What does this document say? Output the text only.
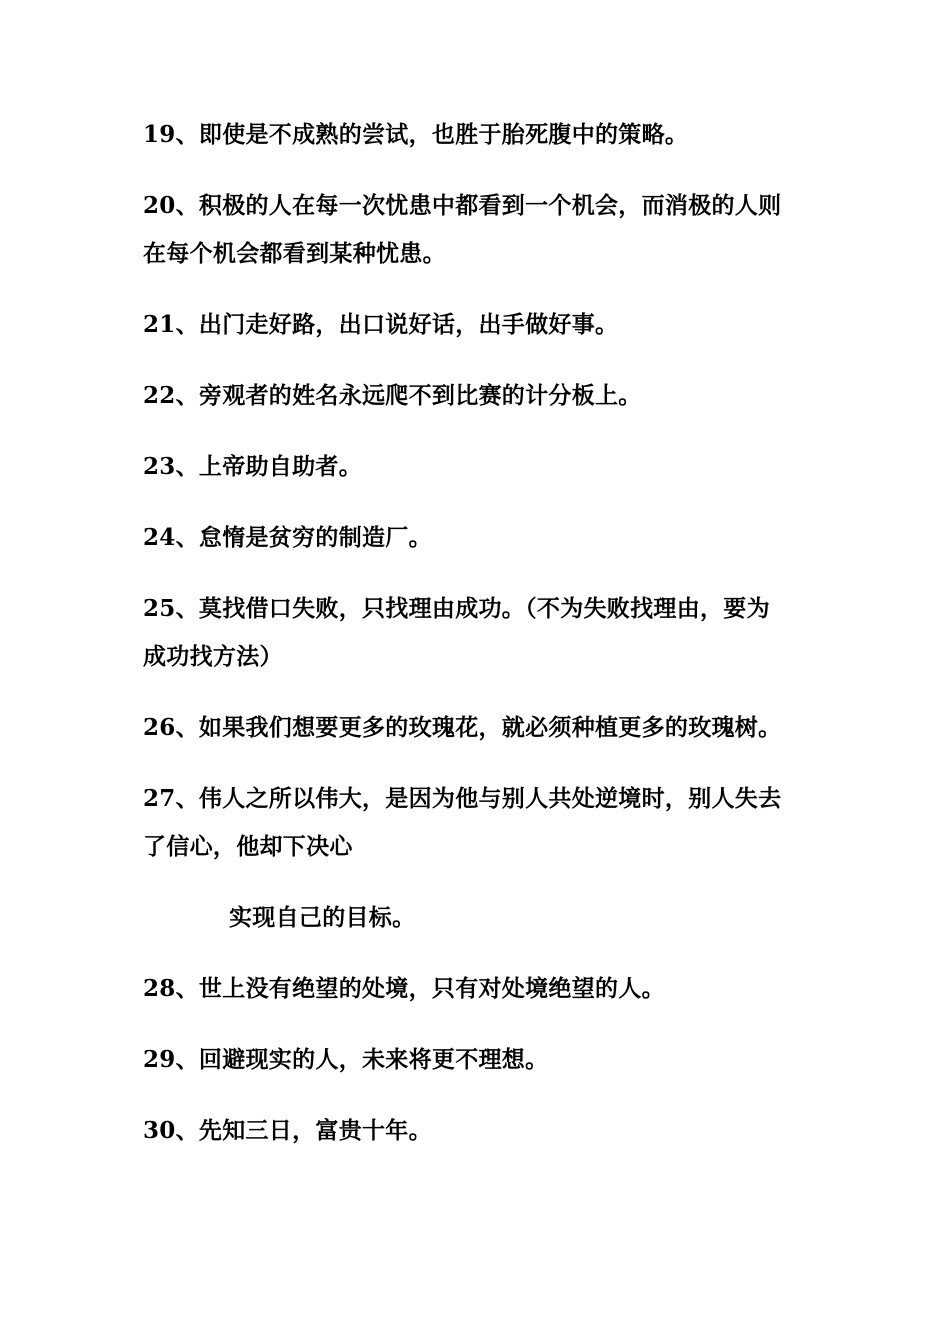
19、即使是不成熟的尝试，也胜于胎死腹中的策略。

20、积极的人在每一次忧患中都看到一个机会，而消极的人则
在每个机会都看到某种忧患。

21、出门走好路，出口说好话，出手做好事。

22、旁观者的姓名永远爬不到比赛的计分板上。

23、上帝助自助者。

24、怠惰是贫穷的制造厂。

25、莫找借口失败，只找理由成功。（不为失败找理由，要为
成功找方法）

26、如果我们想要更多的玫瑰花，就必须种植更多的玫瑰树。

27、伟人之所以伟大，是因为他与别人共处逆境时，别人失去
了信心，他却下决心

实现自己的目标。

28、世上没有绝望的处境，只有对处境绝望的人。

29、回避现实的人，未来将更不理想。

30、先知三日，富贵十年。
